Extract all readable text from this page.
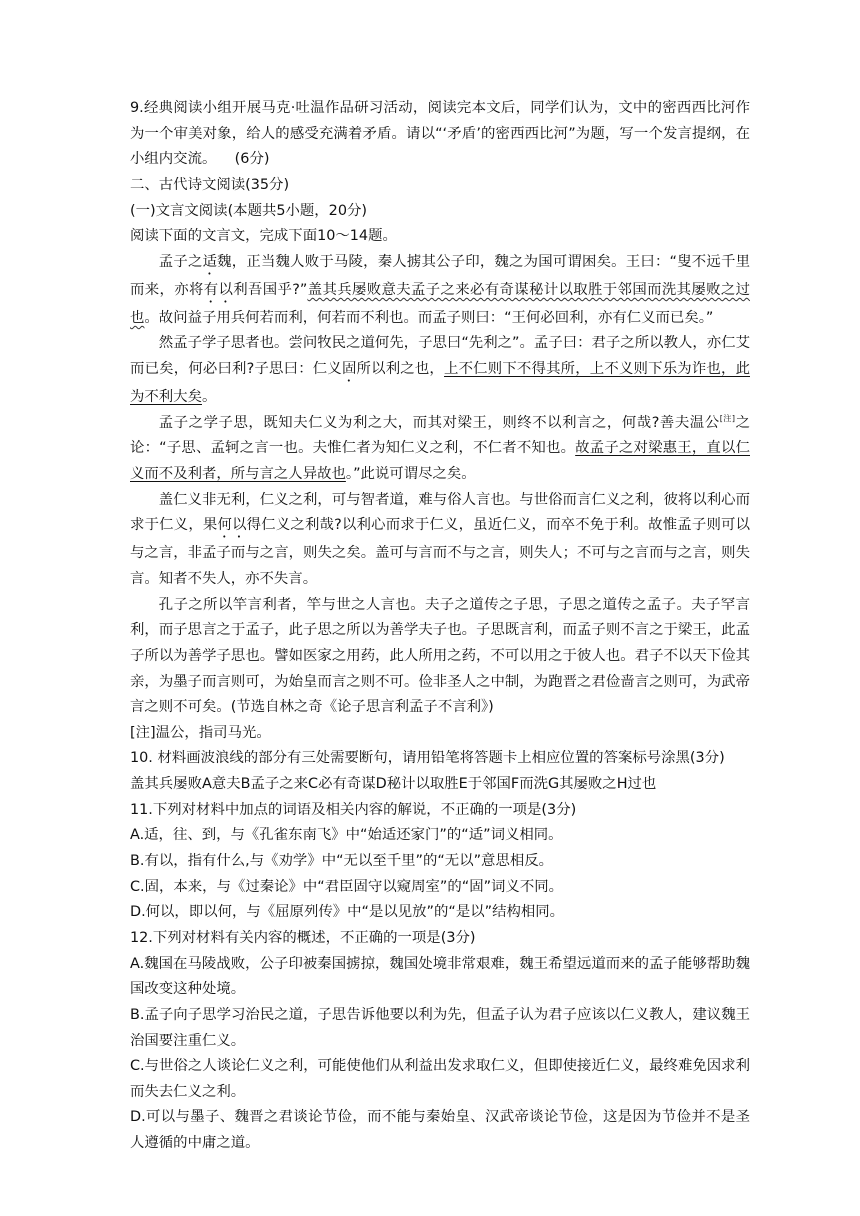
9.经典阅读小组开展马克·吐温作品研习活动，阅读完本文后，同学们认为，文中的密西西比河作为一个审美对象，给人的感受充满着矛盾。请以“‘矛盾’的密西西比河”为题，写一个发言提纲，在小组内交流。 (6分)

二、古代诗文阅读(35分)

(一)文言文阅读(本题共5小题，20分)

阅读下面的文言文，完成下面10～14题。

孟子之适魏，正当魏人败于马陵，秦人掳其公子印，魏之为国可谓困矣。王曰：“叟不远千里而来，亦将有以利吾国乎?”盖其兵屡败意夫孟子之来必有奇谋秘计以取胜于邻国而洗其屡败之过也。故问益子用兵何若而利，何若而不利也。而孟子则曰：“王何必回利，亦有仁义而已矣。”

然孟子学子思者也。尝问牧民之道何先，子思曰“先利之”。孟子曰：君子之所以教人，亦仁艾而已矣，何必曰利?子思曰：仁义固所以利之也，上不仁则下不得其所，上不义则下乐为诈也，此为不利大矣。

孟子之学子思，既知夫仁义为利之大，而其对梁王，则终不以利言之，何哉?善夫温公[注]之论：“子思、孟轲之言一也。夫惟仁者为知仁义之利，不仁者不知也。故孟子之对梁惠王，直以仁义而不及利者，所与言之人异故也。”此说可谓尽之矣。

盖仁义非无利，仁义之利，可与智者道，难与俗人言也。与世俗而言仁义之利，彼将以利心而求于仁义，果何以得仁义之利哉?以利心而求于仁义，虽近仁义，而卒不免于利。故惟孟子则可以与之言，非孟子而与之言，则失之矣。盖可与言而不与之言，则失人；不可与之言而与之言，则失言。知者不失人，亦不失言。

孔子之所以竿言利者，竿与世之人言也。夫子之道传之子思，子思之道传之孟子。夫子罕言利，而子思言之于孟子，此子思之所以为善学夫子也。子思既言利，而孟子则不言之于梁王，此孟子所以为善学子思也。譬如医家之用药，此人所用之药，不可以用之于彼人也。君子不以天下俭其亲，为墨子而言则可，为始皇而言之则不可。俭非圣人之中制，为跑晋之君俭啬言之则可，为武帝言之则不可矣。(节选自林之奇《论子思言利孟子不言利》)

[注]温公，指司马光。

10. 材料画波浪线的部分有三处需要断句，请用铅笔将答题卡上相应位置的答案标号涂黑(3分)

盖其兵屡败A意夫B孟子之来C必有奇谋D秘计以取胜E于邻国F而洗G其屡败之H过也

11.下列对材料中加点的词语及相关内容的解说，不正确的一项是(3分)

A.适，往、到，与《孔雀东南飞》中“始适还家门”的“适”词义相同。

B.有以，指有什么,与《劝学》中“无以至千里”的“无以”意思相反。

C.固，本来，与《过秦论》中“君臣固守以窥周室”的“固”词义不同。

D.何以，即以何，与《屈原列传》中“是以见放”的“是以”结构相同。

12.下列对材料有关内容的概述，不正确的一项是(3分)

A.魏国在马陵战败，公子印被秦国掳掠，魏国处境非常艰难，魏王希望远道而来的孟子能够帮助魏国改变这种处境。

B.孟子向子思学习治民之道，子思告诉他要以利为先，但孟子认为君子应该以仁义教人，建议魏王治国要注重仁义。

C.与世俗之人谈论仁义之利，可能使他们从利益出发求取仁义，但即使接近仁义，最终难免因求利而失去仁义之利。

D.可以与墨子、魏晋之君谈论节俭，而不能与秦始皇、汉武帝谈论节俭，这是因为节俭并不是圣人遵循的中庸之道。
